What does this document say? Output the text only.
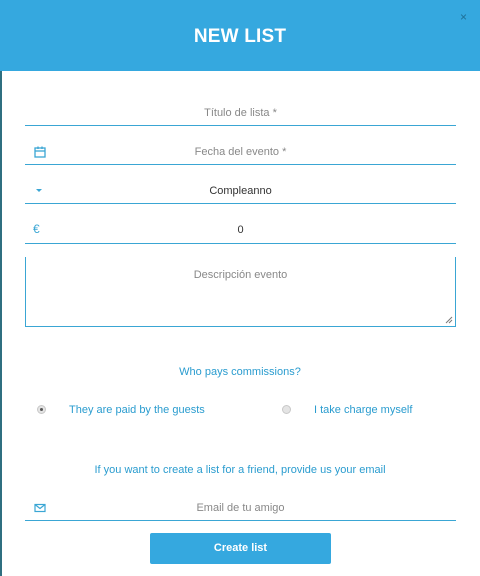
NEW LIST
×
Título de lista *
Fecha del evento *
Compleanno
€	0
Descripción evento
Who pays commissions?
They are paid by the guests	I take charge myself
If you want to create a list for a friend, provide us your email
Email de tu amigo
Create list
